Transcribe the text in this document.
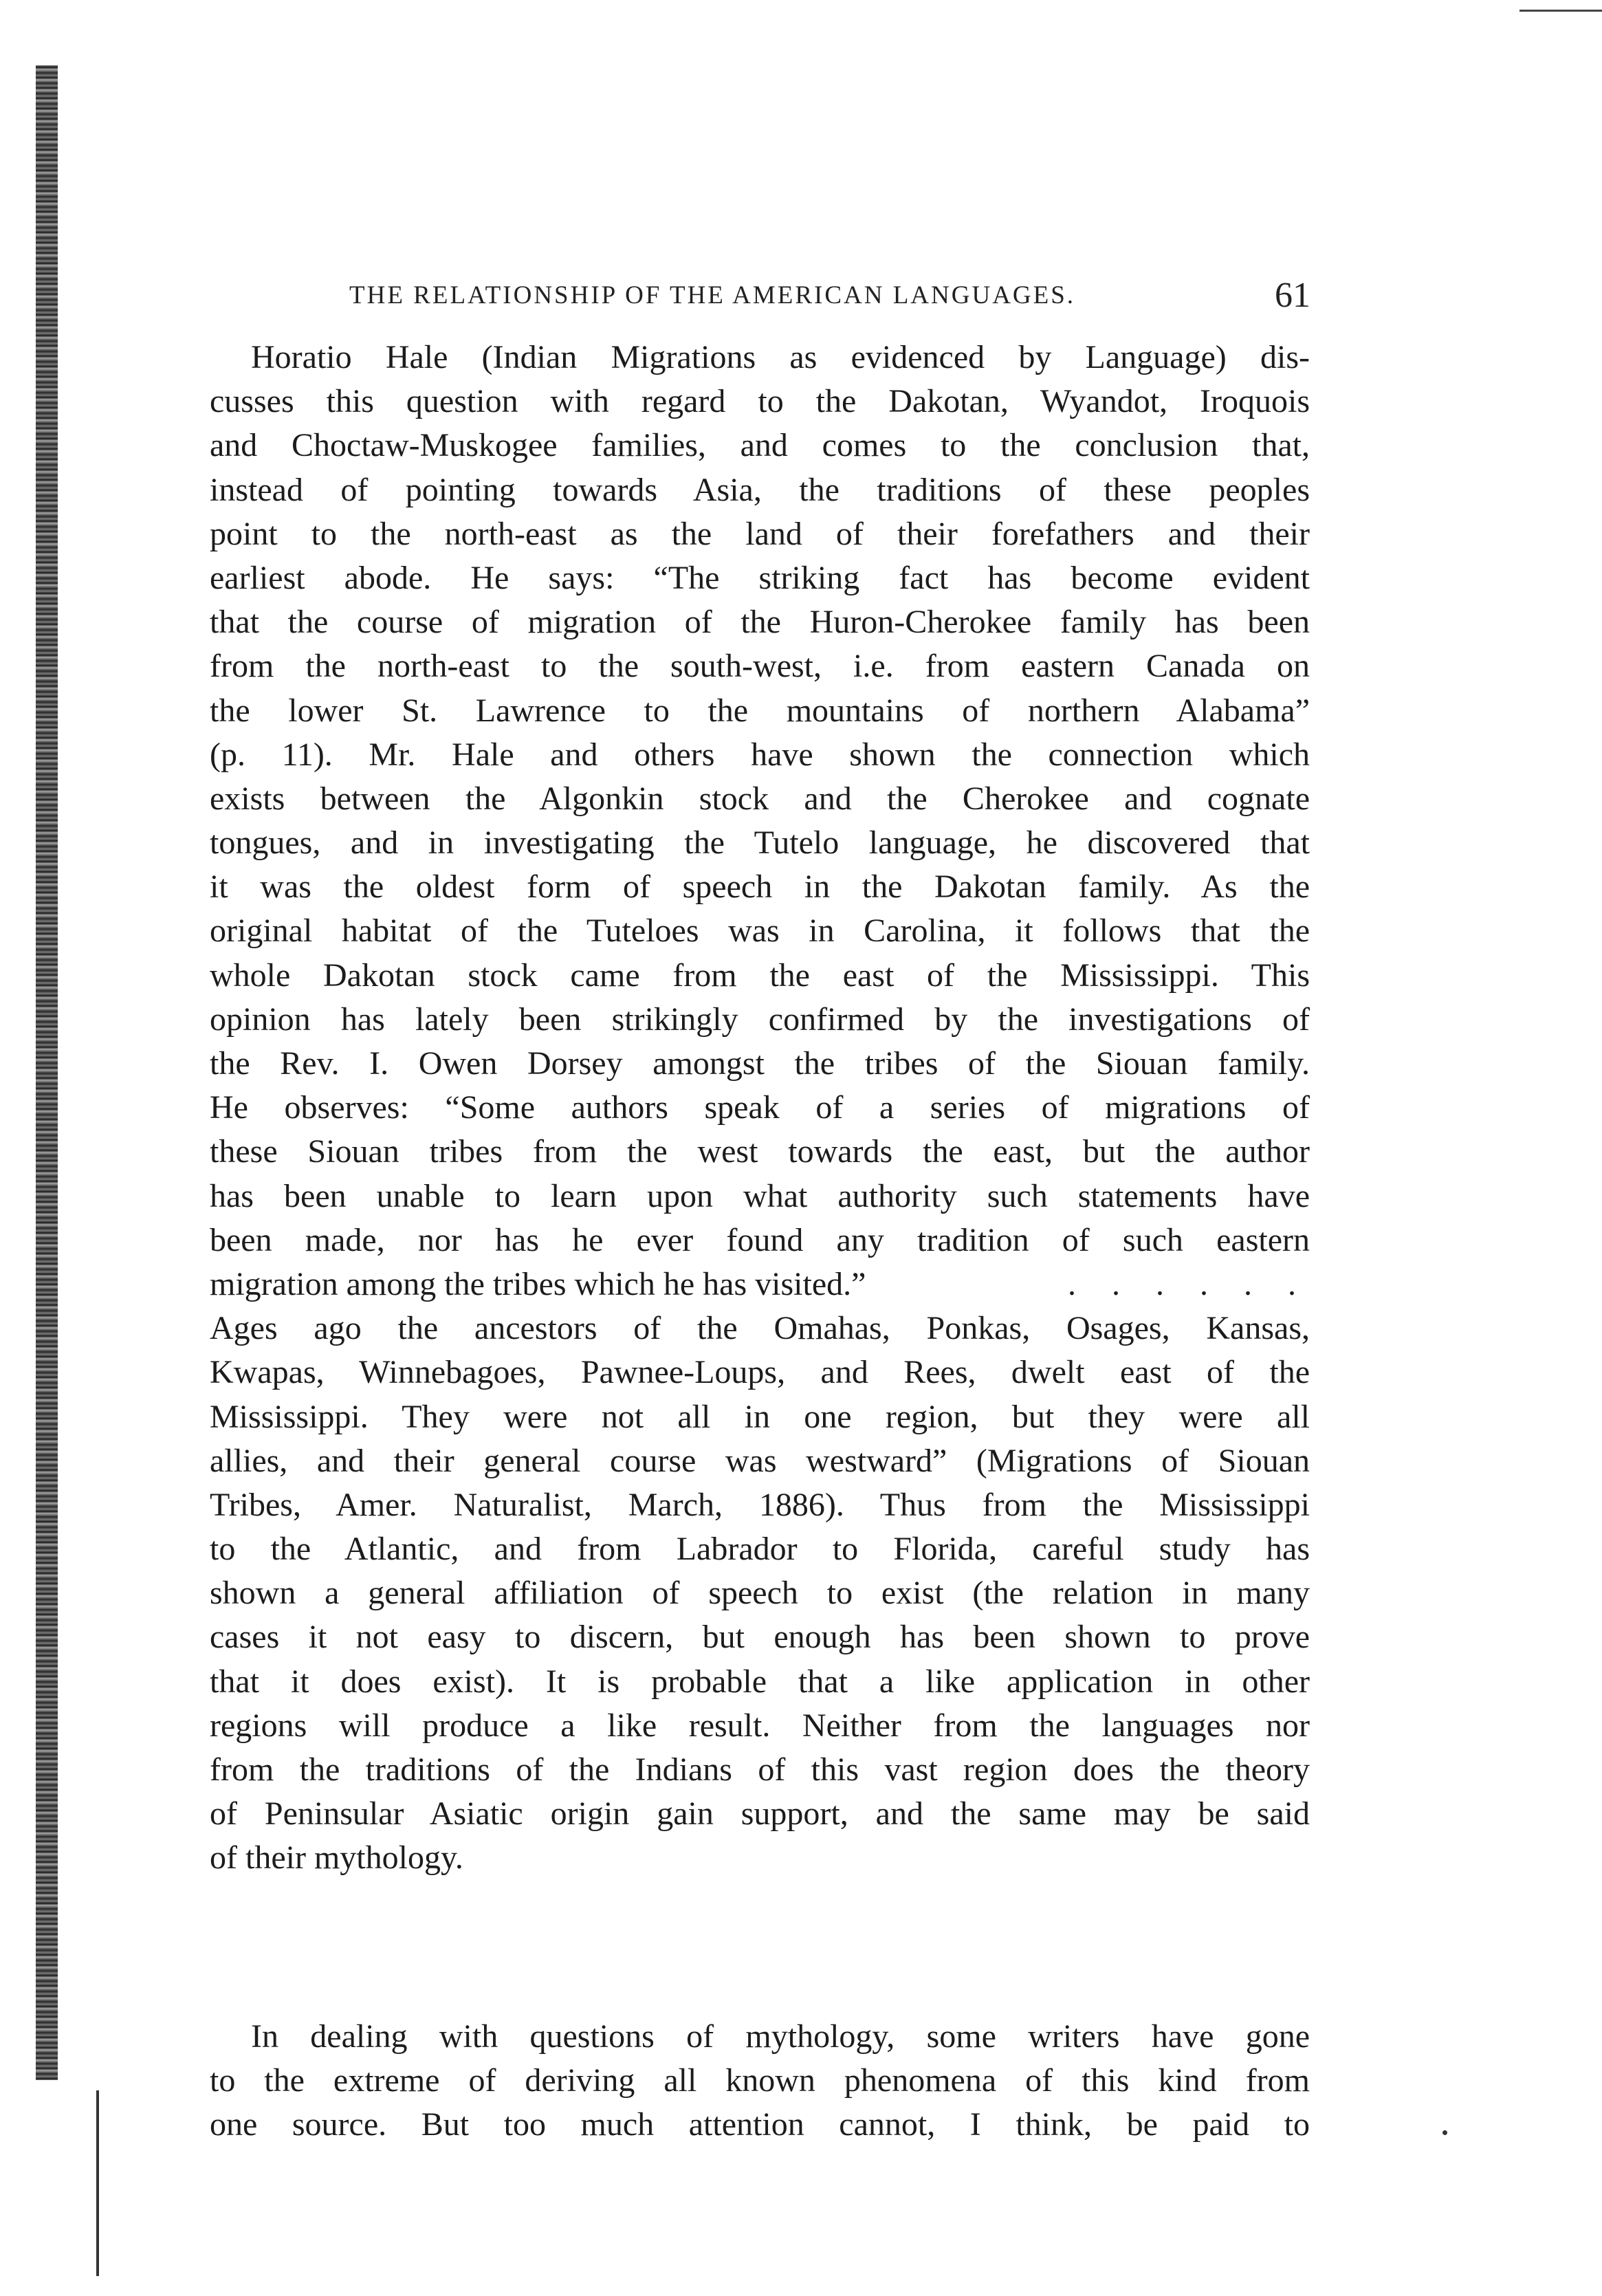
THE RELATIONSHIP OF THE AMERICAN LANGUAGES.	61
Horatio Hale (Indian Migrations as evidenced by Language) dis-
cusses this question with regard to the Dakotan, Wyandot, Iroquois
and Choctaw-Muskogee families, and comes to the conclusion that,
instead of pointing towards Asia, the traditions of these peoples
point to the north-east as the land of their forefathers and their
earliest abode. He says: “The striking fact has become evident
that the course of migration of the Huron-Cherokee family has been
from the north-east to the south-west, i.e. from eastern Canada on
the lower St. Lawrence to the mountains of northern Alabama”
(p. 11). Mr. Hale and others have shown the connection which
exists between the Algonkin stock and the Cherokee and cognate
tongues, and in investigating the Tutelo language, he discovered that
it was the oldest form of speech in the Dakotan family. As the
original habitat of the Tuteloes was in Carolina, it follows that the
whole Dakotan stock came from the east of the Mississippi. This
opinion has lately been strikingly confirmed by the investigations of
the Rev. I. Owen Dorsey amongst the tribes of the Siouan family.
He observes: “Some authors speak of a series of migrations of
these Siouan tribes from the west towards the east, but the author
has been unable to learn upon what authority such statements have
been made, nor has he ever found any tradition of such eastern
migration among the tribes which he has visited.”	. . . . . .
Ages ago the ancestors of the Omahas, Ponkas, Osages, Kansas,
Kwapas, Winnebagoes, Pawnee-Loups, and Rees, dwelt east of the
Mississippi. They were not all in one region, but they were all
allies, and their general course was westward” (Migrations of Siouan
Tribes, Amer. Naturalist, March, 1886). Thus from the Mississippi
to the Atlantic, and from Labrador to Florida, careful study has
shown a general affiliation of speech to exist (the relation in many
cases it not easy to discern, but enough has been shown to prove
that it does exist). It is probable that a like application in other
regions will produce a like result. Neither from the languages nor
from the traditions of the Indians of this vast region does the theory
of Peninsular Asiatic origin gain support, and the same may be said
of their mythology.
In dealing with questions of mythology, some writers have gone
to the extreme of deriving all known phenomena of this kind from
one source. But too much attention cannot, I think, be paid to
